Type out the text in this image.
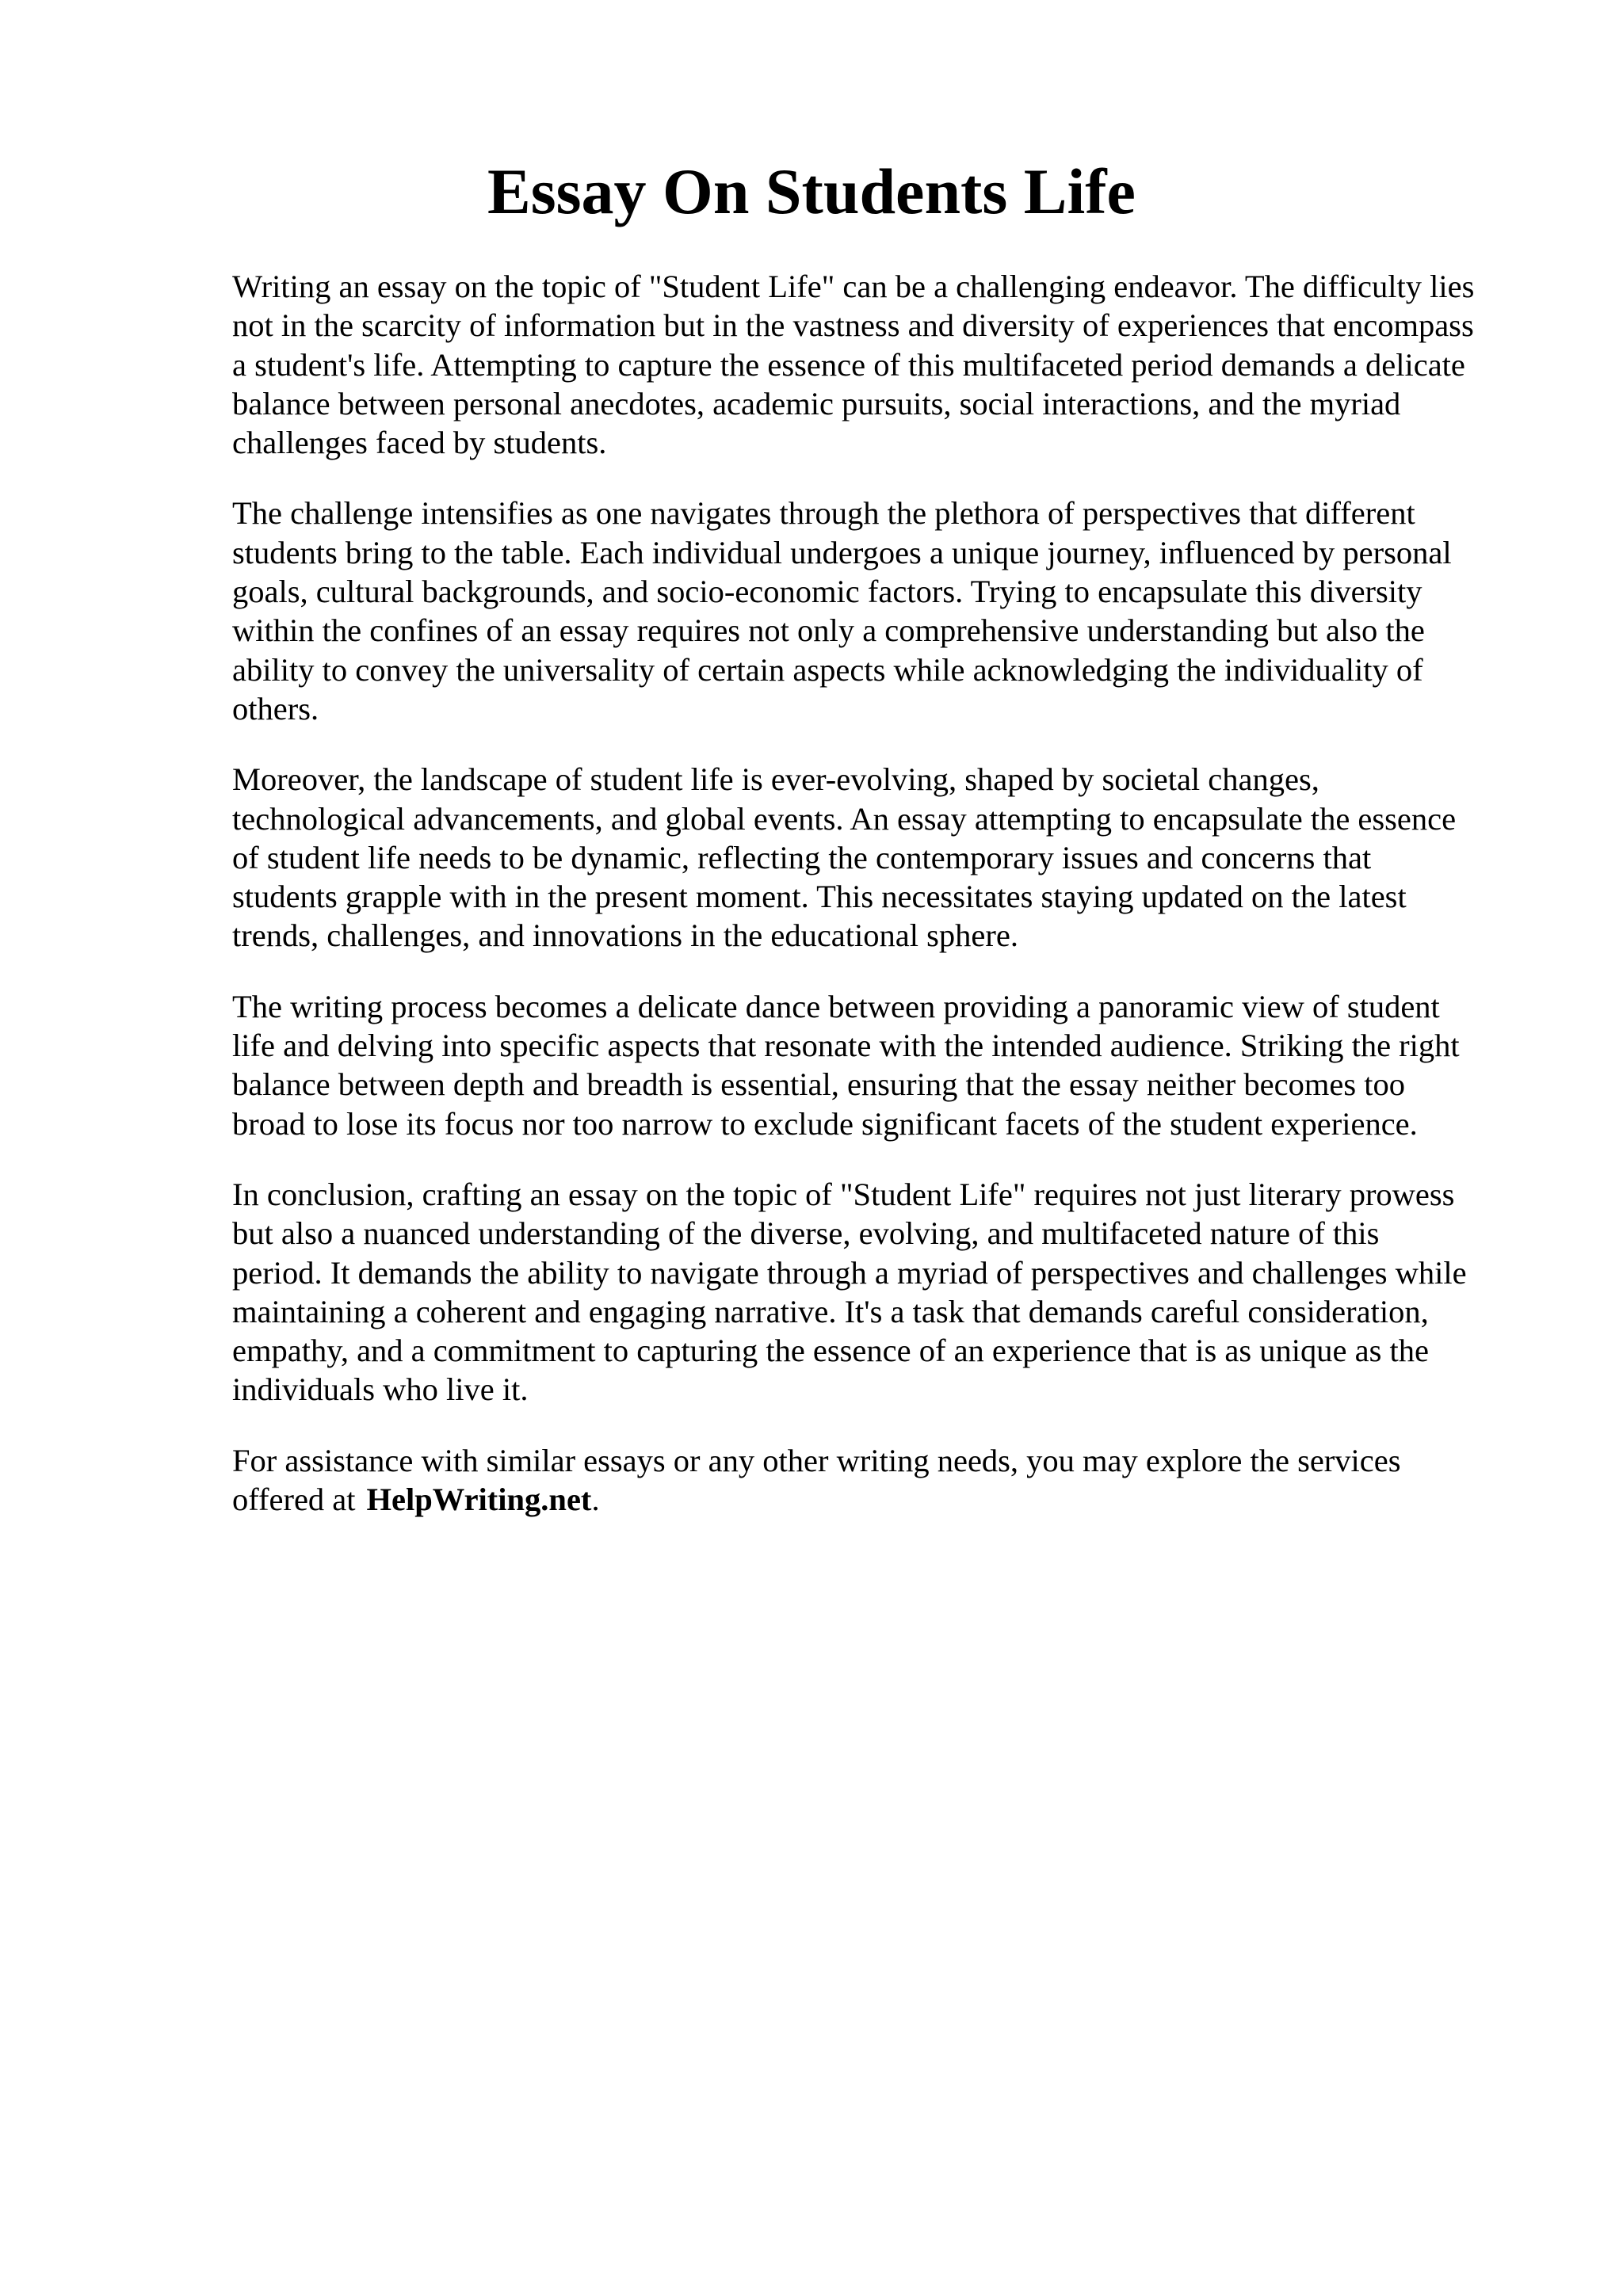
Essay On Students Life

Writing an essay on the topic of "Student Life" can be a challenging endeavor. The difficulty lies
not in the scarcity of information but in the vastness and diversity of experiences that encompass
a student's life. Attempting to capture the essence of this multifaceted period demands a delicate
balance between personal anecdotes, academic pursuits, social interactions, and the myriad
challenges faced by students.

The challenge intensifies as one navigates through the plethora of perspectives that different
students bring to the table. Each individual undergoes a unique journey, influenced by personal
goals, cultural backgrounds, and socio-economic factors. Trying to encapsulate this diversity
within the confines of an essay requires not only a comprehensive understanding but also the
ability to convey the universality of certain aspects while acknowledging the individuality of
others.

Moreover, the landscape of student life is ever-evolving, shaped by societal changes,
technological advancements, and global events. An essay attempting to encapsulate the essence
of student life needs to be dynamic, reflecting the contemporary issues and concerns that
students grapple with in the present moment. This necessitates staying updated on the latest
trends, challenges, and innovations in the educational sphere.

The writing process becomes a delicate dance between providing a panoramic view of student
life and delving into specific aspects that resonate with the intended audience. Striking the right
balance between depth and breadth is essential, ensuring that the essay neither becomes too
broad to lose its focus nor too narrow to exclude significant facets of the student experience.

In conclusion, crafting an essay on the topic of "Student Life" requires not just literary prowess
but also a nuanced understanding of the diverse, evolving, and multifaceted nature of this
period. It demands the ability to navigate through a myriad of perspectives and challenges while
maintaining a coherent and engaging narrative. It's a task that demands careful consideration,
empathy, and a commitment to capturing the essence of an experience that is as unique as the
individuals who live it.

For assistance with similar essays or any other writing needs, you may explore the services
offered at HelpWriting.net.
